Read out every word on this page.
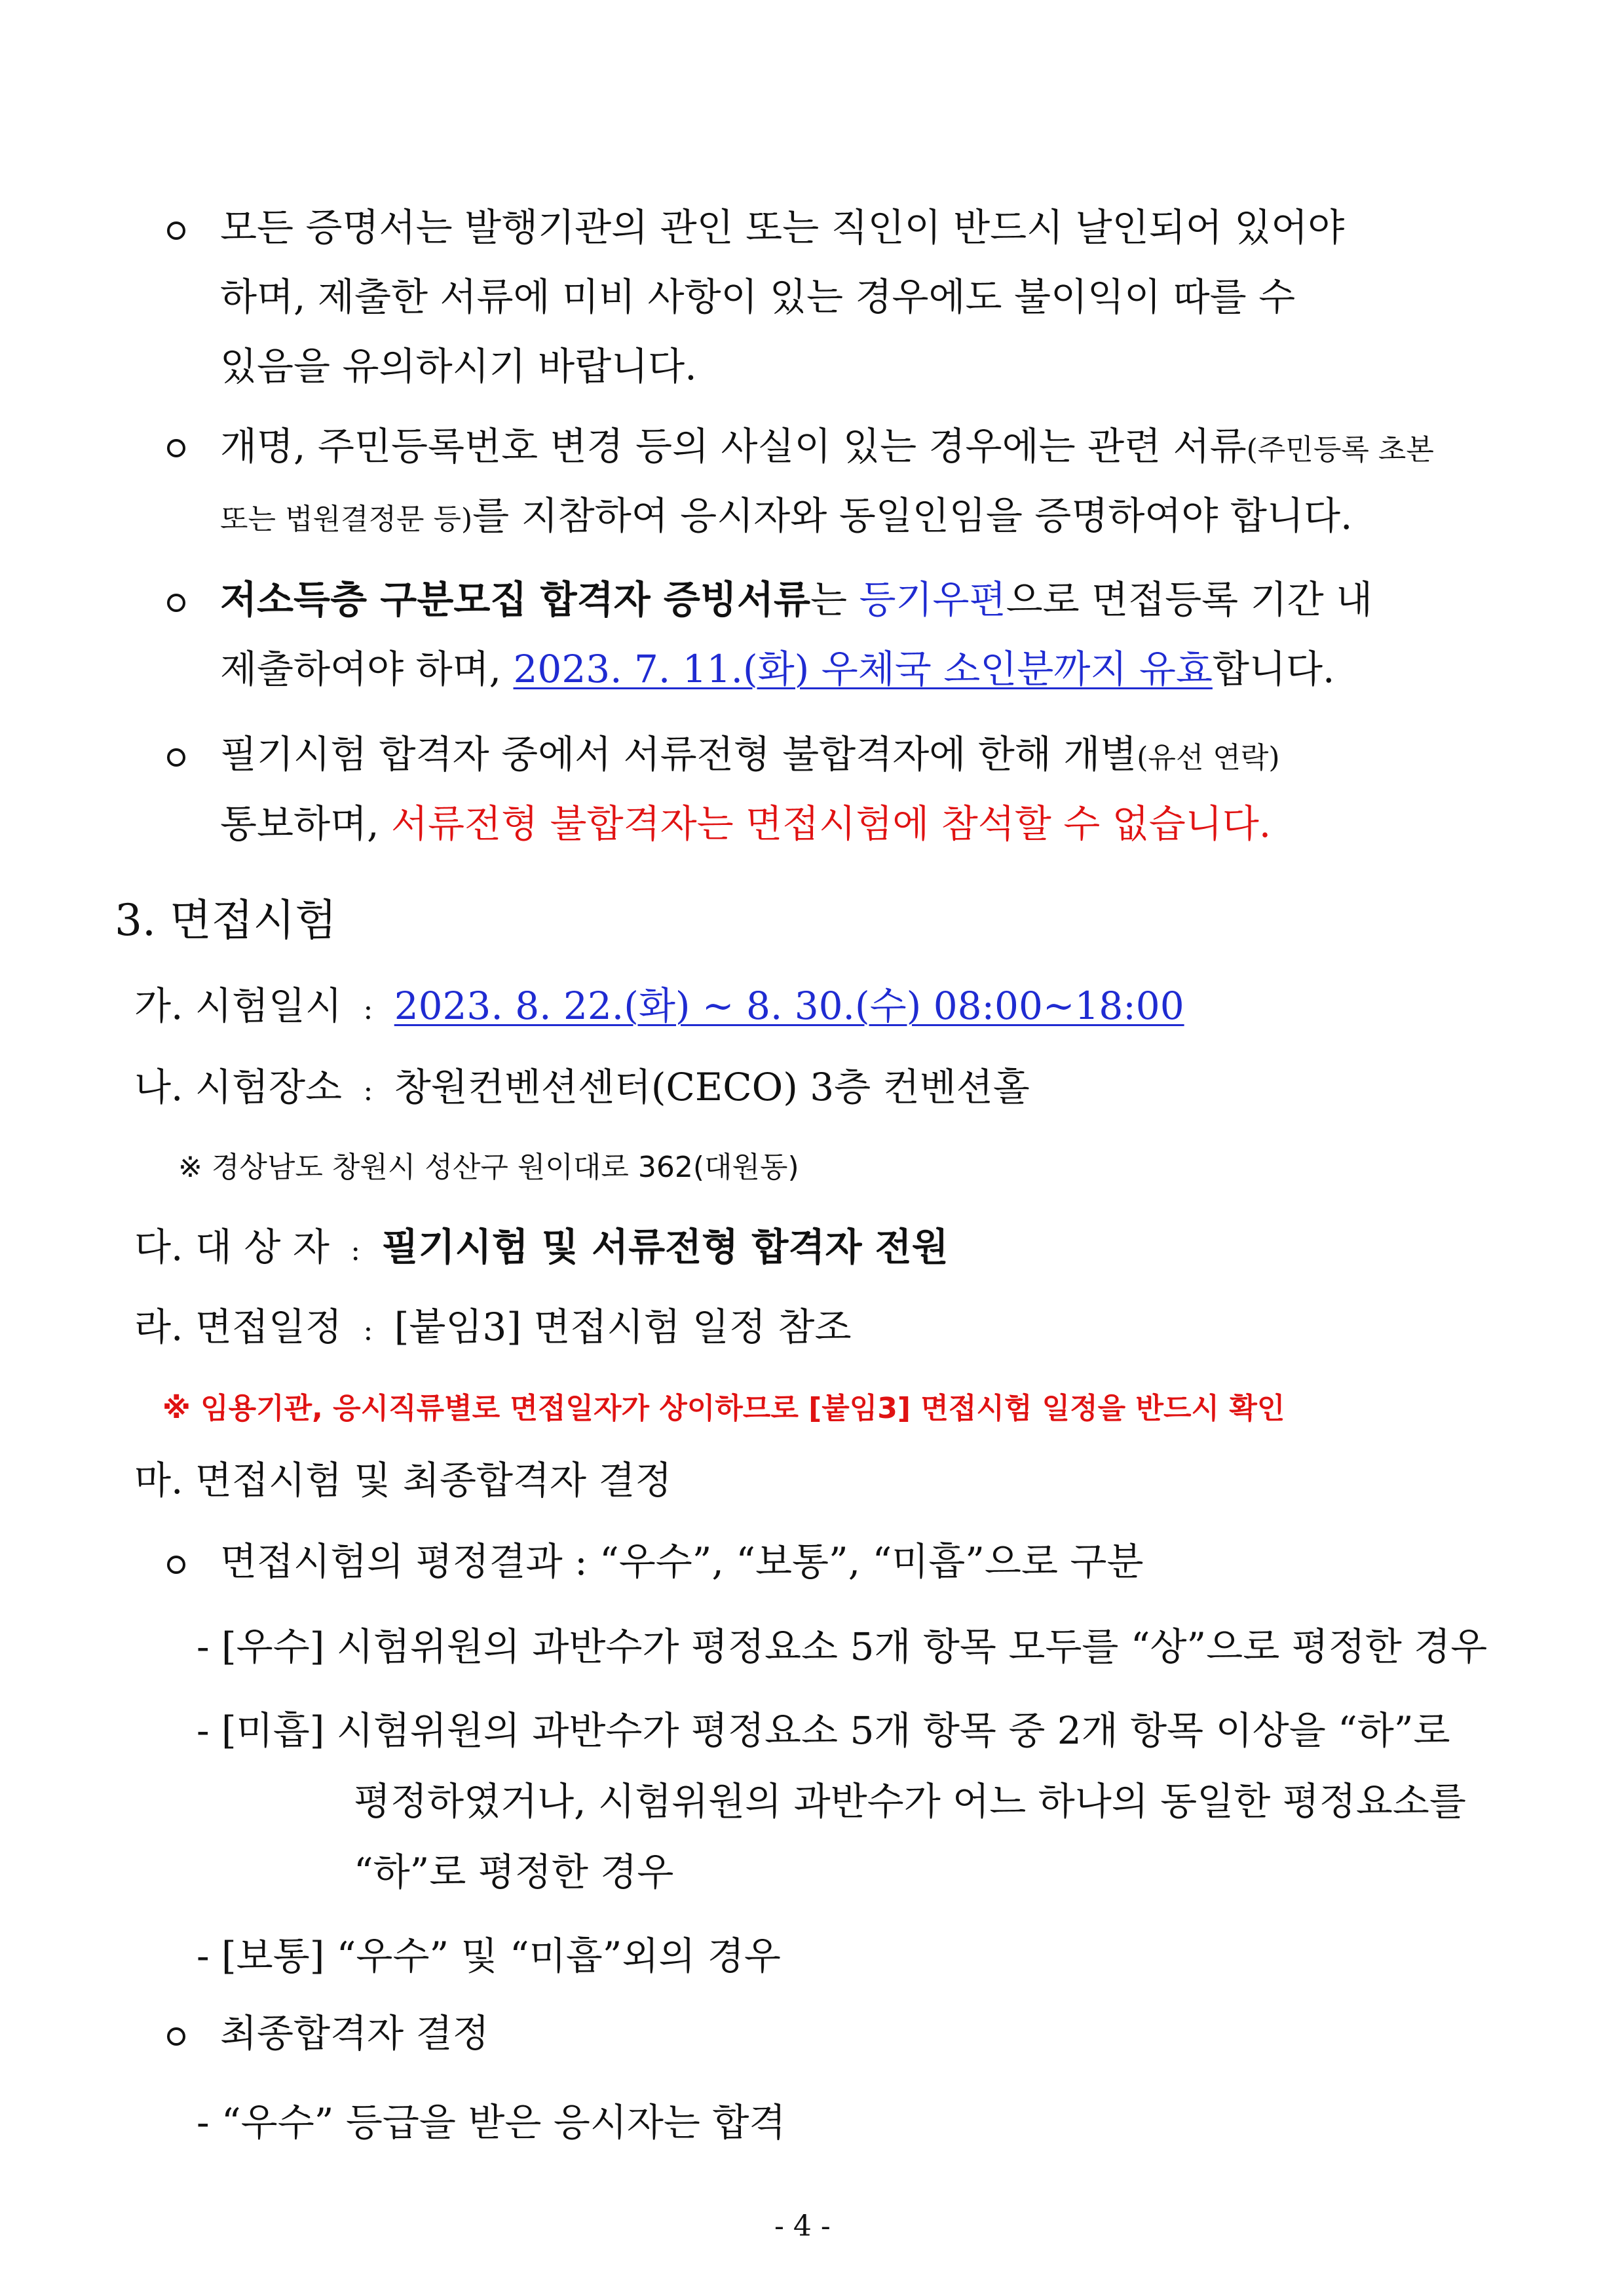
모든 증명서는 발행기관의 관인 또는 직인이 반드시 날인되어 있어야
하며, 제출한 서류에 미비 사항이 있는 경우에도 불이익이 따를 수
있음을 유의하시기 바랍니다.
개명, 주민등록번호 변경 등의 사실이 있는 경우에는 관련 서류(주민등록 초본
또는 법원결정문 등)를 지참하여 응시자와 동일인임을 증명하여야 합니다.
저소득층 구분모집 합격자 증빙서류는 등기우편으로 면접등록 기간 내
제출하여야 하며, 2023. 7. 11.(화) 우체국 소인분까지 유효합니다.
필기시험 합격자 중에서 서류전형 불합격자에 한해 개별(유선 연락)
통보하며, 서류전형 불합격자는 면접시험에 참석할 수 없습니다.
3. 면접시험
가. 시험일시 : 2023. 8. 22.(화) ~ 8. 30.(수) 08:00~18:00
나. 시험장소 : 창원컨벤션센터(CECO) 3층 컨벤션홀
※ 경상남도 창원시 성산구 원이대로 362(대원동)
다. 대 상 자 : 필기시험 및 서류전형 합격자 전원
라. 면접일정 : [붙임3] 면접시험 일정 참조
※ 임용기관, 응시직류별로 면접일자가 상이하므로 [붙임3] 면접시험 일정을 반드시 확인
마. 면접시험 및 최종합격자 결정
면접시험의 평정결과 : “우수”, “보통”, “미흡”으로 구분
- [우수] 시험위원의 과반수가 평정요소 5개 항목 모두를 “상”으로 평정한 경우
- [미흡] 시험위원의 과반수가 평정요소 5개 항목 중 2개 항목 이상을 “하”로
평정하였거나, 시험위원의 과반수가 어느 하나의 동일한 평정요소를
“하”로 평정한 경우
- [보통] “우수” 및 “미흡”외의 경우
최종합격자 결정
- “우수” 등급을 받은 응시자는 합격
- 4 -
